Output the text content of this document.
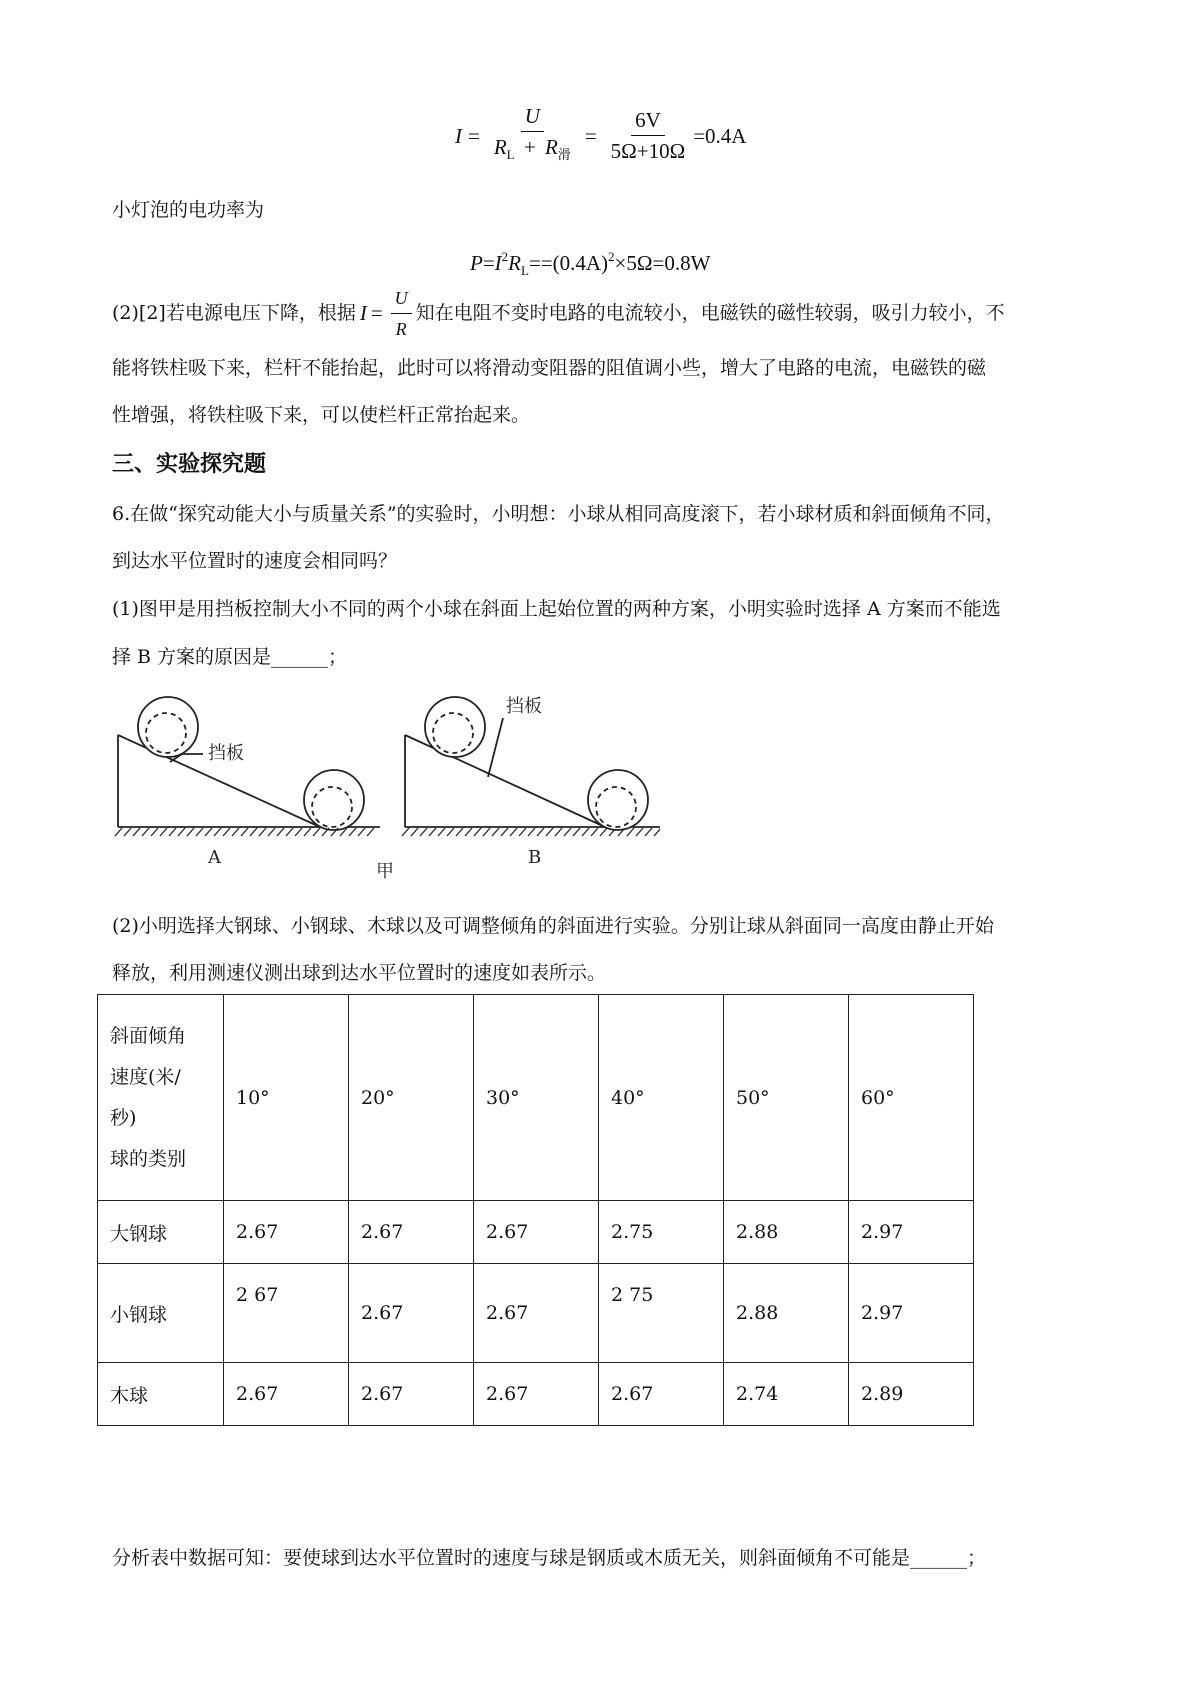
$I = \frac{U}{R_L + R_滑} = \frac{6V}{5\Omega+10\Omega} =0.4A$
小灯泡的电功率为
$P=I^2R_L==(0.4A)^2\times 5\Omega=0.8W$
(2)[2]若电源电压下降，根据 $I = \frac{U}{R}$ 知在电阻不变时电路的电流较小，电磁铁的磁性较弱，吸引力较小，不
能将铁柱吸下来，栏杆不能抬起，此时可以将滑动变阻器的阻值调小些，增大了电路的电流，电磁铁的磁
性增强，将铁柱吸下来，可以使栏杆正常抬起来。
三、实验探究题
6.在做“探究动能大小与质量关系”的实验时，小明想：小球从相同高度滚下，若小球材质和斜面倾角不同，
到达水平位置时的速度会相同吗？
(1)图甲是用挡板控制大小不同的两个小球在斜面上起始位置的两种方案，小明实验时选择 A 方案而不能选
择 B 方案的原因是______；
挡板
挡板
A	B
甲
(2)小明选择大钢球、小钢球、木球以及可调整倾角的斜面进行实验。分别让球从斜面同一高度由静止开始
释放，利用测速仪测出球到达水平位置时的速度如表所示。
斜面倾角
速度(米/
秒)
球的类别	10°	20°	30°	40°	50°	60°
大钢球	2.67	2.67	2.67	2.75	2.88	2.97
小钢球	2 67	2.67	2.67	2 75	2.88	2.97
木球	2.67	2.67	2.67	2.67	2.74	2.89
分析表中数据可知：要使球到达水平位置时的速度与球是钢质或木质无关，则斜面倾角不可能是______；
